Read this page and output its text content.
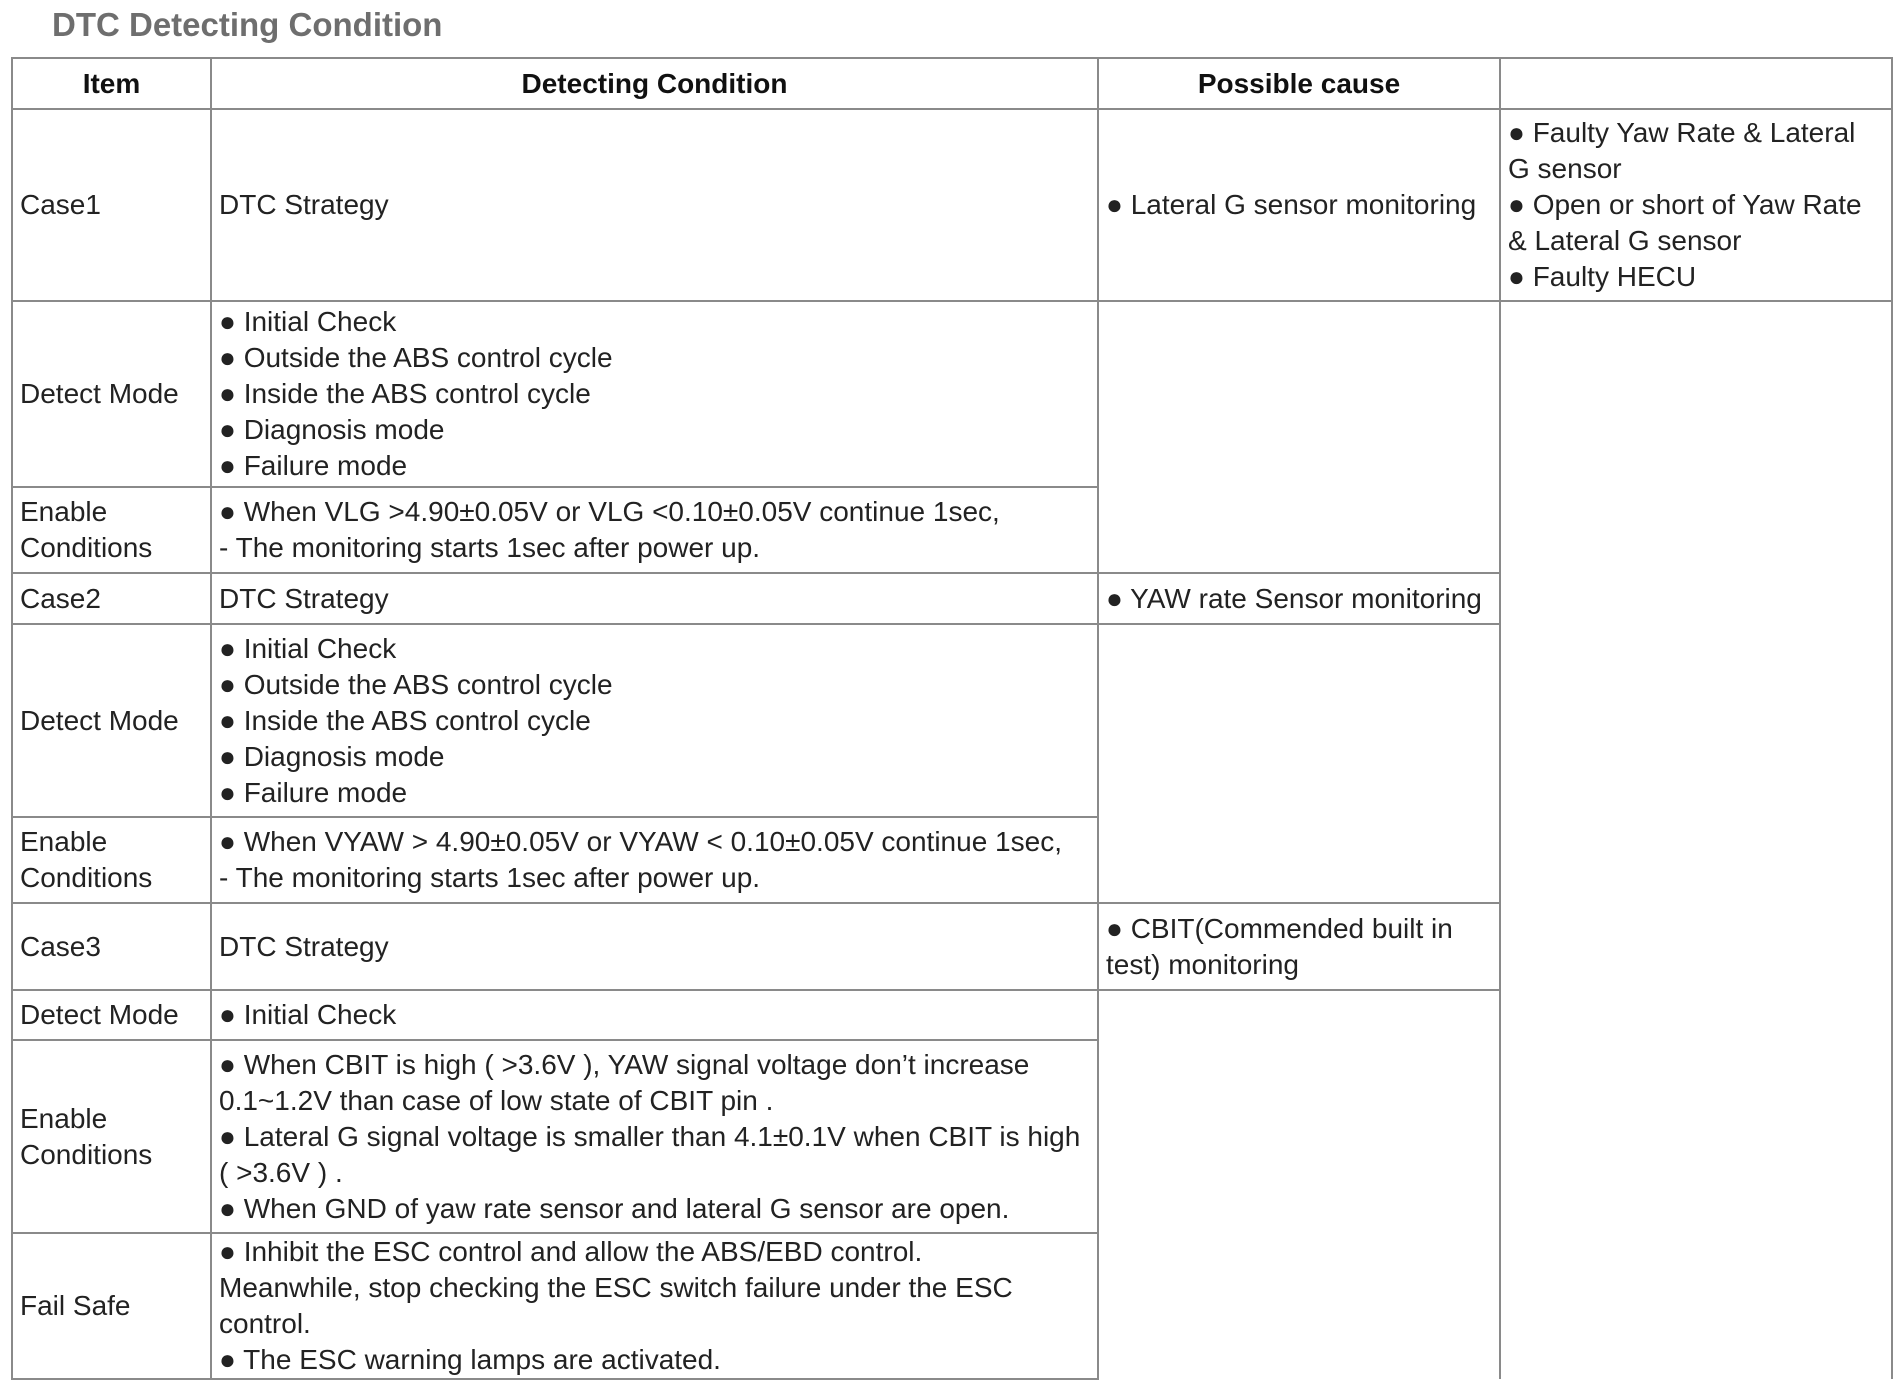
DTC Detecting Condition
Item	Detecting Condition	Possible cause	
Case1	DTC Strategy	● Lateral G sensor monitoring	● Faulty Yaw Rate & Lateral G sensor
● Open or short of Yaw Rate & Lateral G sensor
● Faulty HECU

Detect Mode	● Initial Check
● Outside the ABS control cycle
● Inside the ABS control cycle
● Diagnosis mode
● Failure mode		

Enable Conditions	● When VLG >4.90±0.05V or VLG <0.10±0.05V continue 1sec,
- The monitoring starts 1sec after power up.		

Case2	DTC Strategy	● YAW rate Sensor monitoring	
Detect Mode	● Initial Check
● Outside the ABS control cycle
● Inside the ABS control cycle
● Diagnosis mode
● Failure mode		

Enable Conditions	● When VYAW > 4.90±0.05V or VYAW < 0.10±0.05V continue 1sec,
- The monitoring starts 1sec after power up.		

Case3	DTC Strategy	● CBIT(Commended built in test) monitoring	
Detect Mode	● Initial Check		

Enable Conditions	● When CBIT is high ( >3.6V ), YAW signal voltage don’t increase 0.1~1.2V than case of low state of CBIT pin .
● Lateral G signal voltage is smaller than 4.1±0.1V when CBIT is high ( >3.6V ) .
● When GND of yaw rate sensor and lateral G sensor are open.		

Fail Safe	● Inhibit the ESC control and allow the ABS/EBD control.
Meanwhile, stop checking the ESC switch failure under the ESC control.
● The ESC warning lamps are activated.		
